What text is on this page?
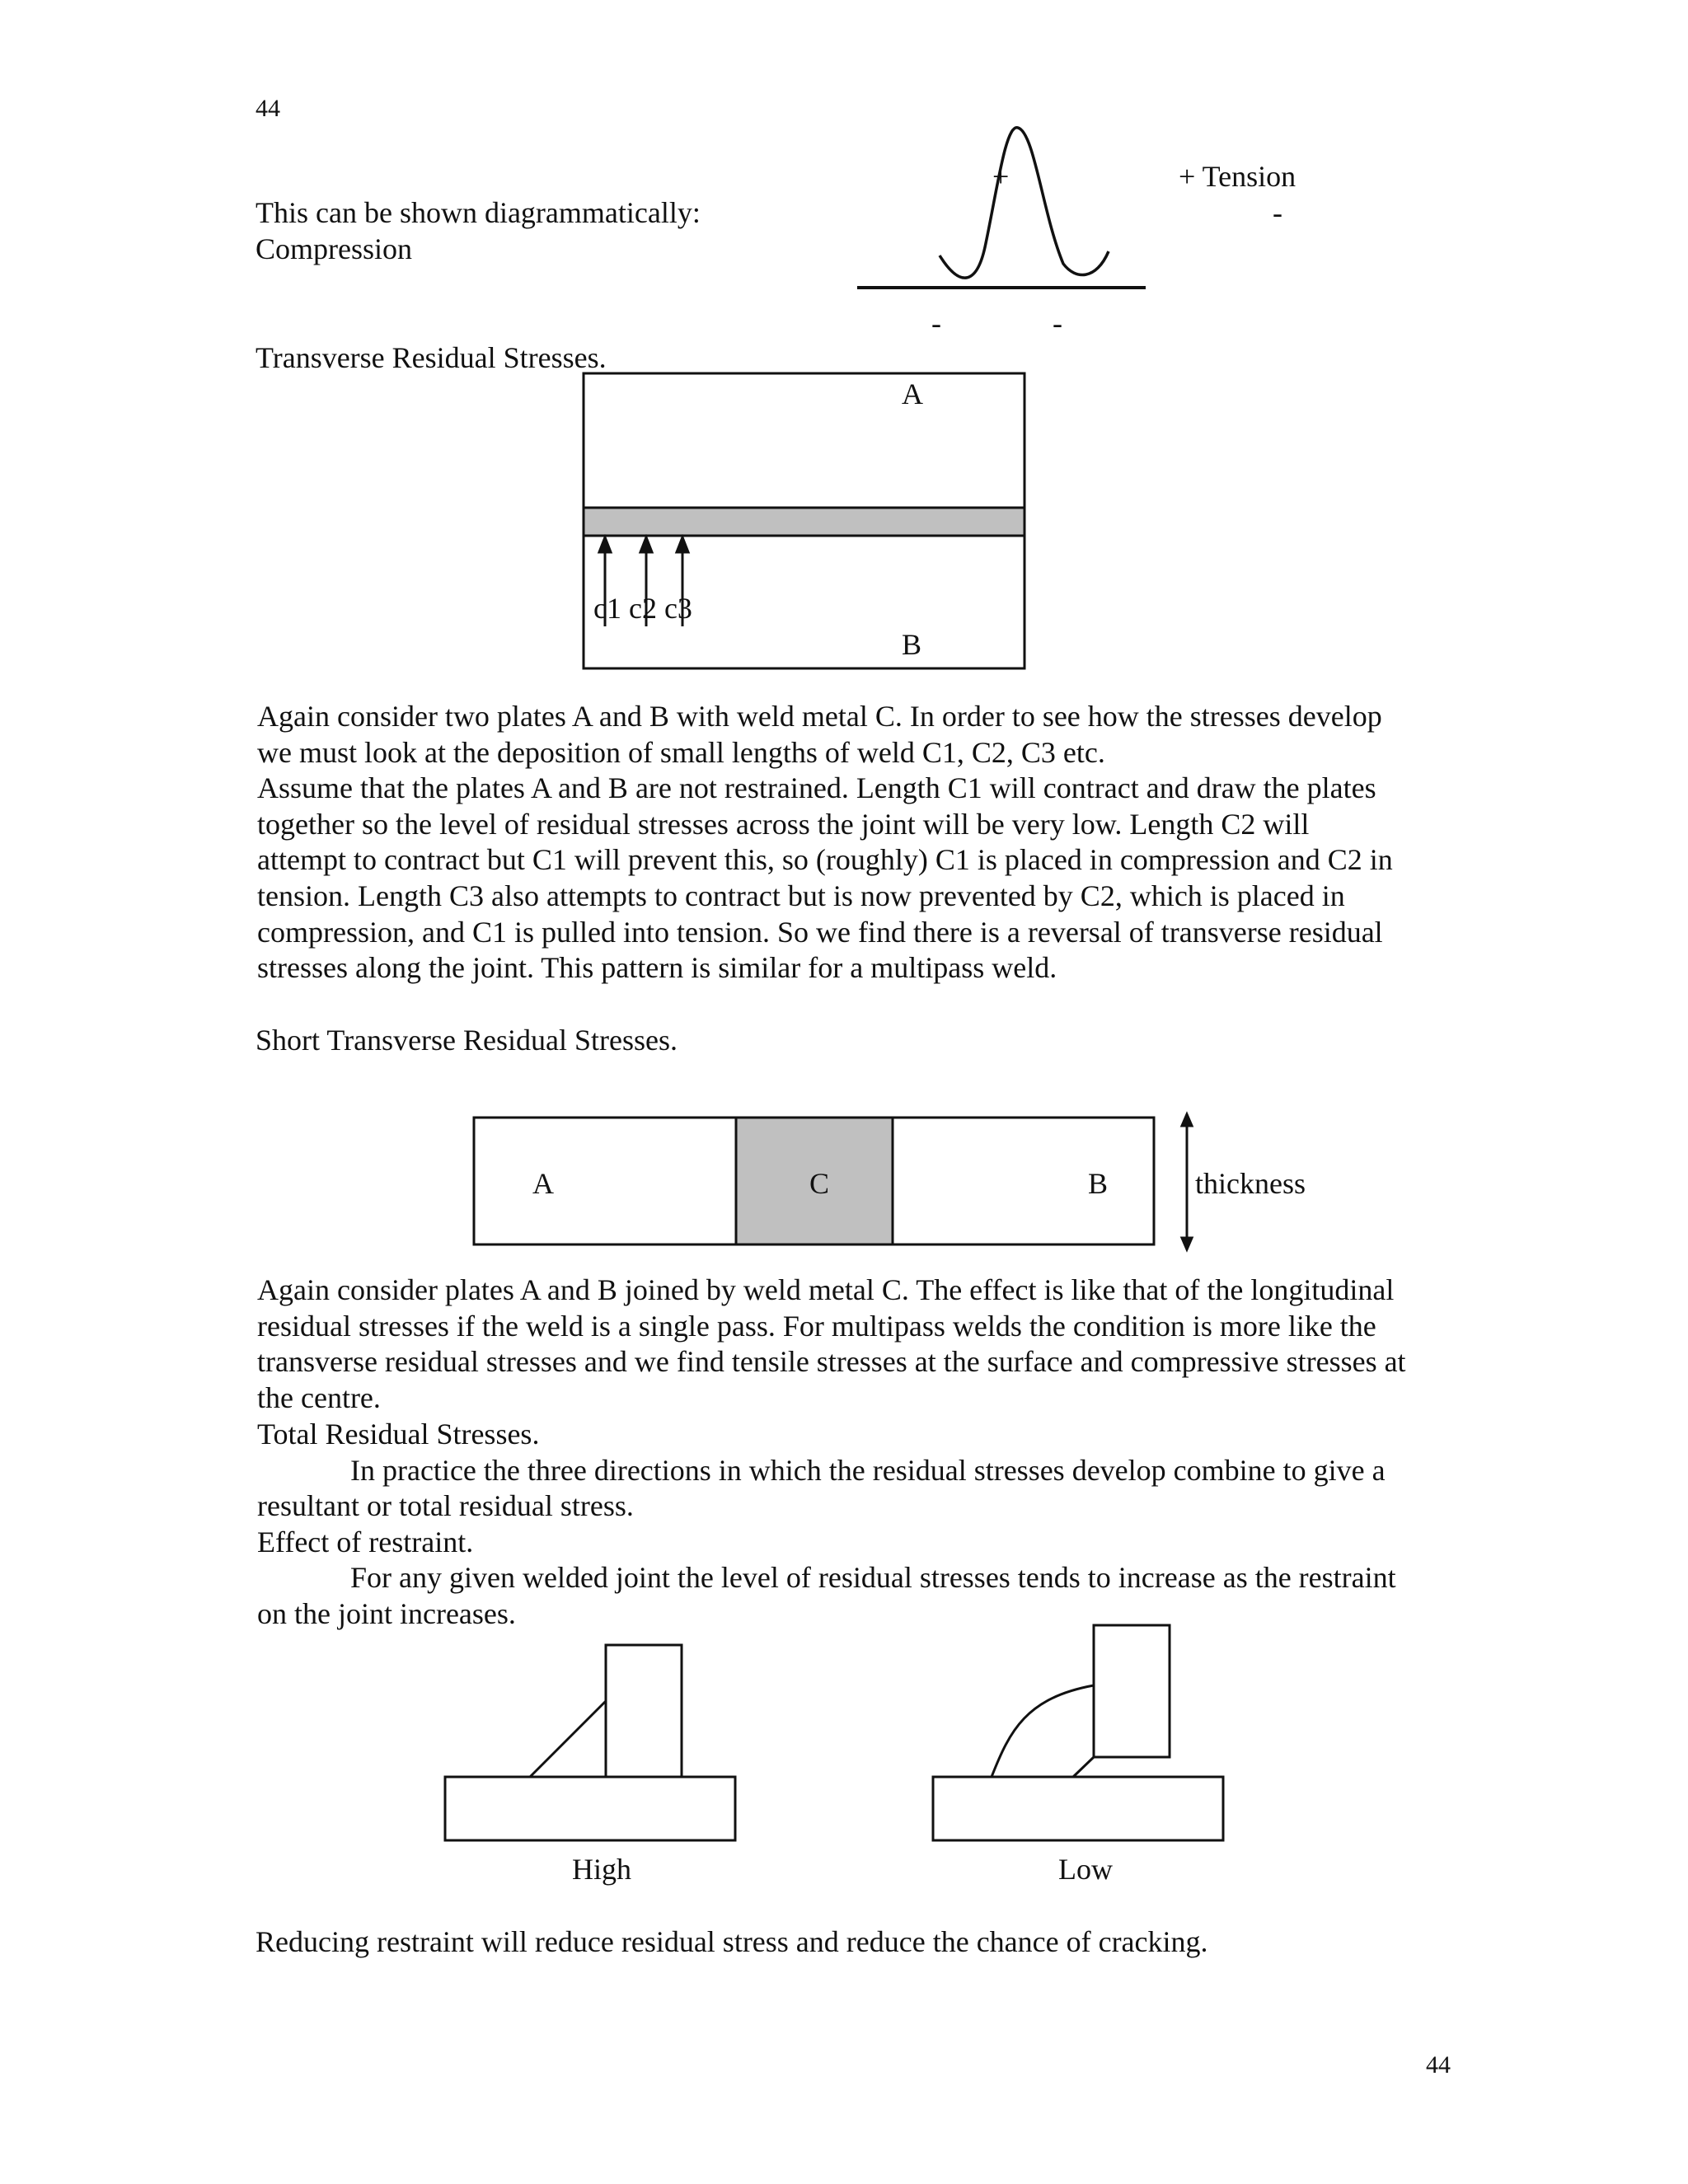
44
This can be shown diagrammatically:
Compression
+	+ Tension
-
-	-
Transverse Residual Stresses.
A
c1 c2 c3
B
Again consider two plates A and B with weld metal C. In order to see how the stresses develop
we must look at the deposition of small lengths of weld C1, C2, C3 etc.
Assume that the plates A and B are not restrained. Length C1 will contract and draw the plates
together so the level of residual stresses across the joint will be very low. Length C2 will
attempt to contract but C1 will prevent this, so (roughly) C1 is placed in compression and C2 in
tension. Length C3 also attempts to contract but is now prevented by C2, which is placed in
compression, and C1 is pulled into tension. So we find there is a reversal of transverse residual
stresses along the joint. This pattern is similar for a multipass weld.
Short Transverse Residual Stresses.
A	C	B	thickness
Again consider plates A and B joined by weld metal C. The effect is like that of the longitudinal
residual stresses if the weld is a single pass. For multipass welds the condition is more like the
transverse residual stresses and we find tensile stresses at the surface and compressive stresses at
the centre.
Total Residual Stresses.
In practice the three directions in which the residual stresses develop combine to give a
resultant or total residual stress.
Effect of restraint.
For any given welded joint the level of residual stresses tends to increase as the restraint
on the joint increases.
High	Low
Reducing restraint will reduce residual stress and reduce the chance of cracking.
44
